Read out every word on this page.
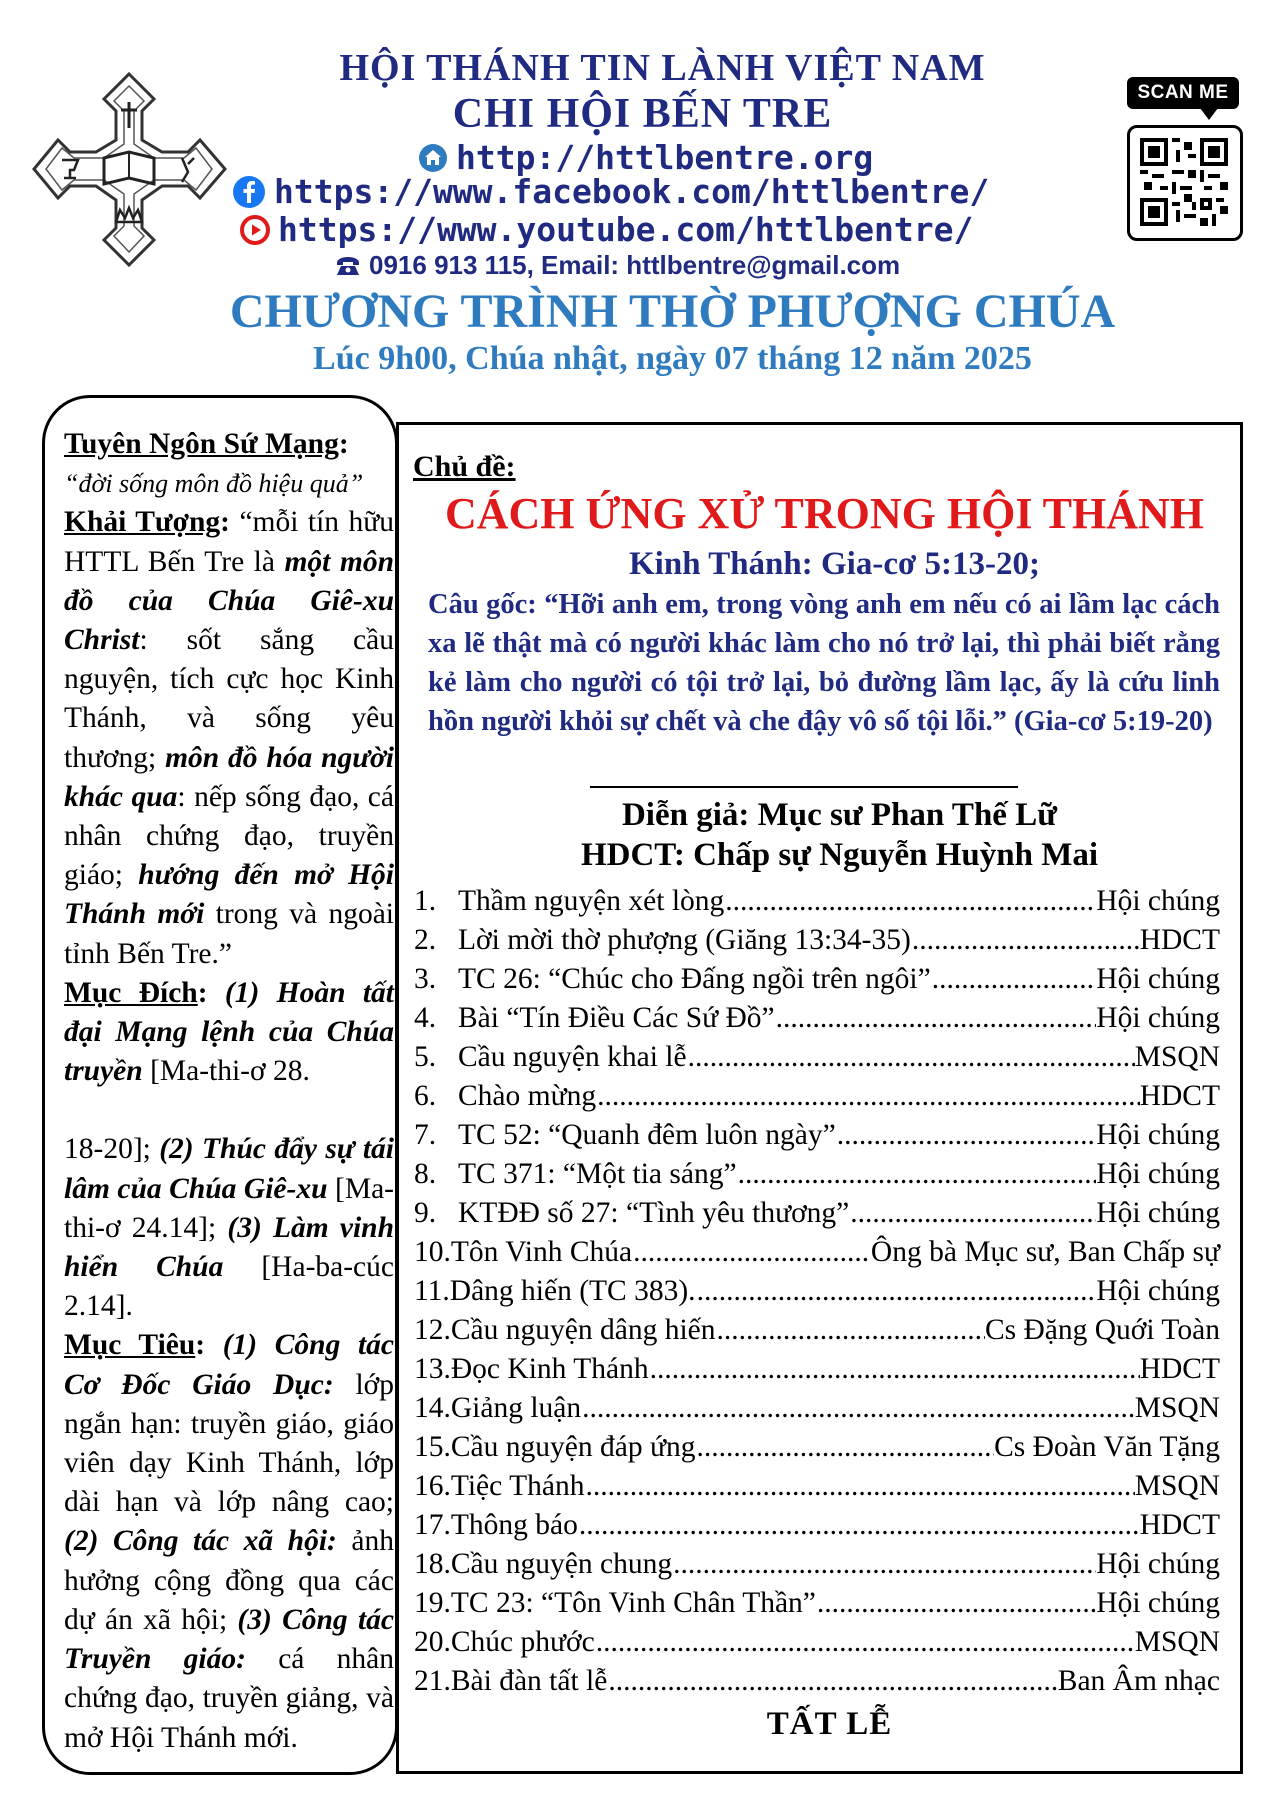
HỘI THÁNH TIN LÀNH VIỆT NAM
CHI HỘI BẾN TRE
http://httlbentre.org
https://www.facebook.com/httlbentre/
https://www.youtube.com/httlbentre/
0916 913 115, Email: httlbentre@gmail.com
CHƯƠNG TRÌNH THỜ PHƯỢNG CHÚA
Lúc 9h00, Chúa nhật, ngày 07 tháng 12 năm 2025
SCAN ME

Tuyên Ngôn Sứ Mạng:

“đời sống môn đồ hiệu quả”

Khải Tượng: “mỗi tín hữu HTTL Bến Tre là một môn đồ của Chúa Giê-xu Christ: sốt sắng cầu nguyện, tích cực học Kinh Thánh, và sống yêu thương; môn đồ hóa người khác qua: nếp sống đạo, cá nhân chứng đạo, truyền giáo; hướng đến mở Hội Thánh mới trong và ngoài tỉnh Bến Tre.”

Mục Đích: (1) Hoàn tất đại Mạng lệnh của Chúa truyền [Ma-thi-ơ 28.

18-20]; (2) Thúc đẩy sự tái lâm của Chúa Giê-xu [Ma-thi-ơ 24.14]; (3) Làm vinh hiển Chúa [Ha-ba-cúc 2.14].

Mục Tiêu: (1) Công tác Cơ Đốc Giáo Dục: lớp ngắn hạn: truyền giáo, giáo viên dạy Kinh Thánh, lớp dài hạn và lớp nâng cao; (2) Công tác xã hội: ảnh hưởng cộng đồng qua các dự án xã hội; (3) Công tác Truyền giáo: cá nhân chứng đạo, truyền giảng, và mở Hội Thánh mới.

Chủ đề:
CÁCH ỨNG XỬ TRONG HỘI THÁNH
Kinh Thánh: Gia-cơ 5:13-20;
Câu gốc: “Hỡi anh em, trong vòng anh em nếu có ai lầm lạc cách xa lẽ thật mà có người khác làm cho nó trở lại, thì phải biết rằng kẻ làm cho người có tội trở lại, bỏ đường lầm lạc, ấy là cứu linh hồn người khỏi sự chết và che đậy vô số tội lỗi.” (Gia-cơ 5:19-20)
Diễn giả: Mục sư Phan Thế Lữ
HDCT: Chấp sự Nguyễn Huỳnh Mai
1. Thầm nguyện xét lòng .....	Hội chúng
2. Lời mời thờ phượng (Giăng 13:34-35) .....	HDCT
3. TC 26: “Chúc cho Đấng ngồi trên ngôi” .....	Hội chúng
4. Bài “Tín Điều Các Sứ Đồ” .....	Hội chúng
5. Cầu nguyện khai lễ .....	MSQN
6. Chào mừng .....	HDCT
7. TC 52: “Quanh đêm luôn ngày” .....	Hội chúng
8. TC 371: “Một tia sáng” .....	Hội chúng
9. KTĐĐ số 27: “Tình yêu thương” .....	Hội chúng
10. Tôn Vinh Chúa .....	Ông bà Mục sư, Ban Chấp sự
11. Dâng hiến (TC 383). .....	Hội chúng
12. Cầu nguyện dâng hiến .....	Cs Đặng Quới Toàn
13. Đọc Kinh Thánh .....	HDCT
14. Giảng luận .....	MSQN
15. Cầu nguyện đáp ứng .....	Cs Đoàn Văn Tặng
16. Tiệc Thánh .....	MSQN
17. Thông báo .....	HDCT
18. Cầu nguyện chung .....	Hội chúng
19. TC 23: “Tôn Vinh Chân Thần” .....	Hội chúng
20. Chúc phước .....	MSQN
21. Bài đàn tất lễ .....	Ban Âm nhạc
TẤT LỄ
